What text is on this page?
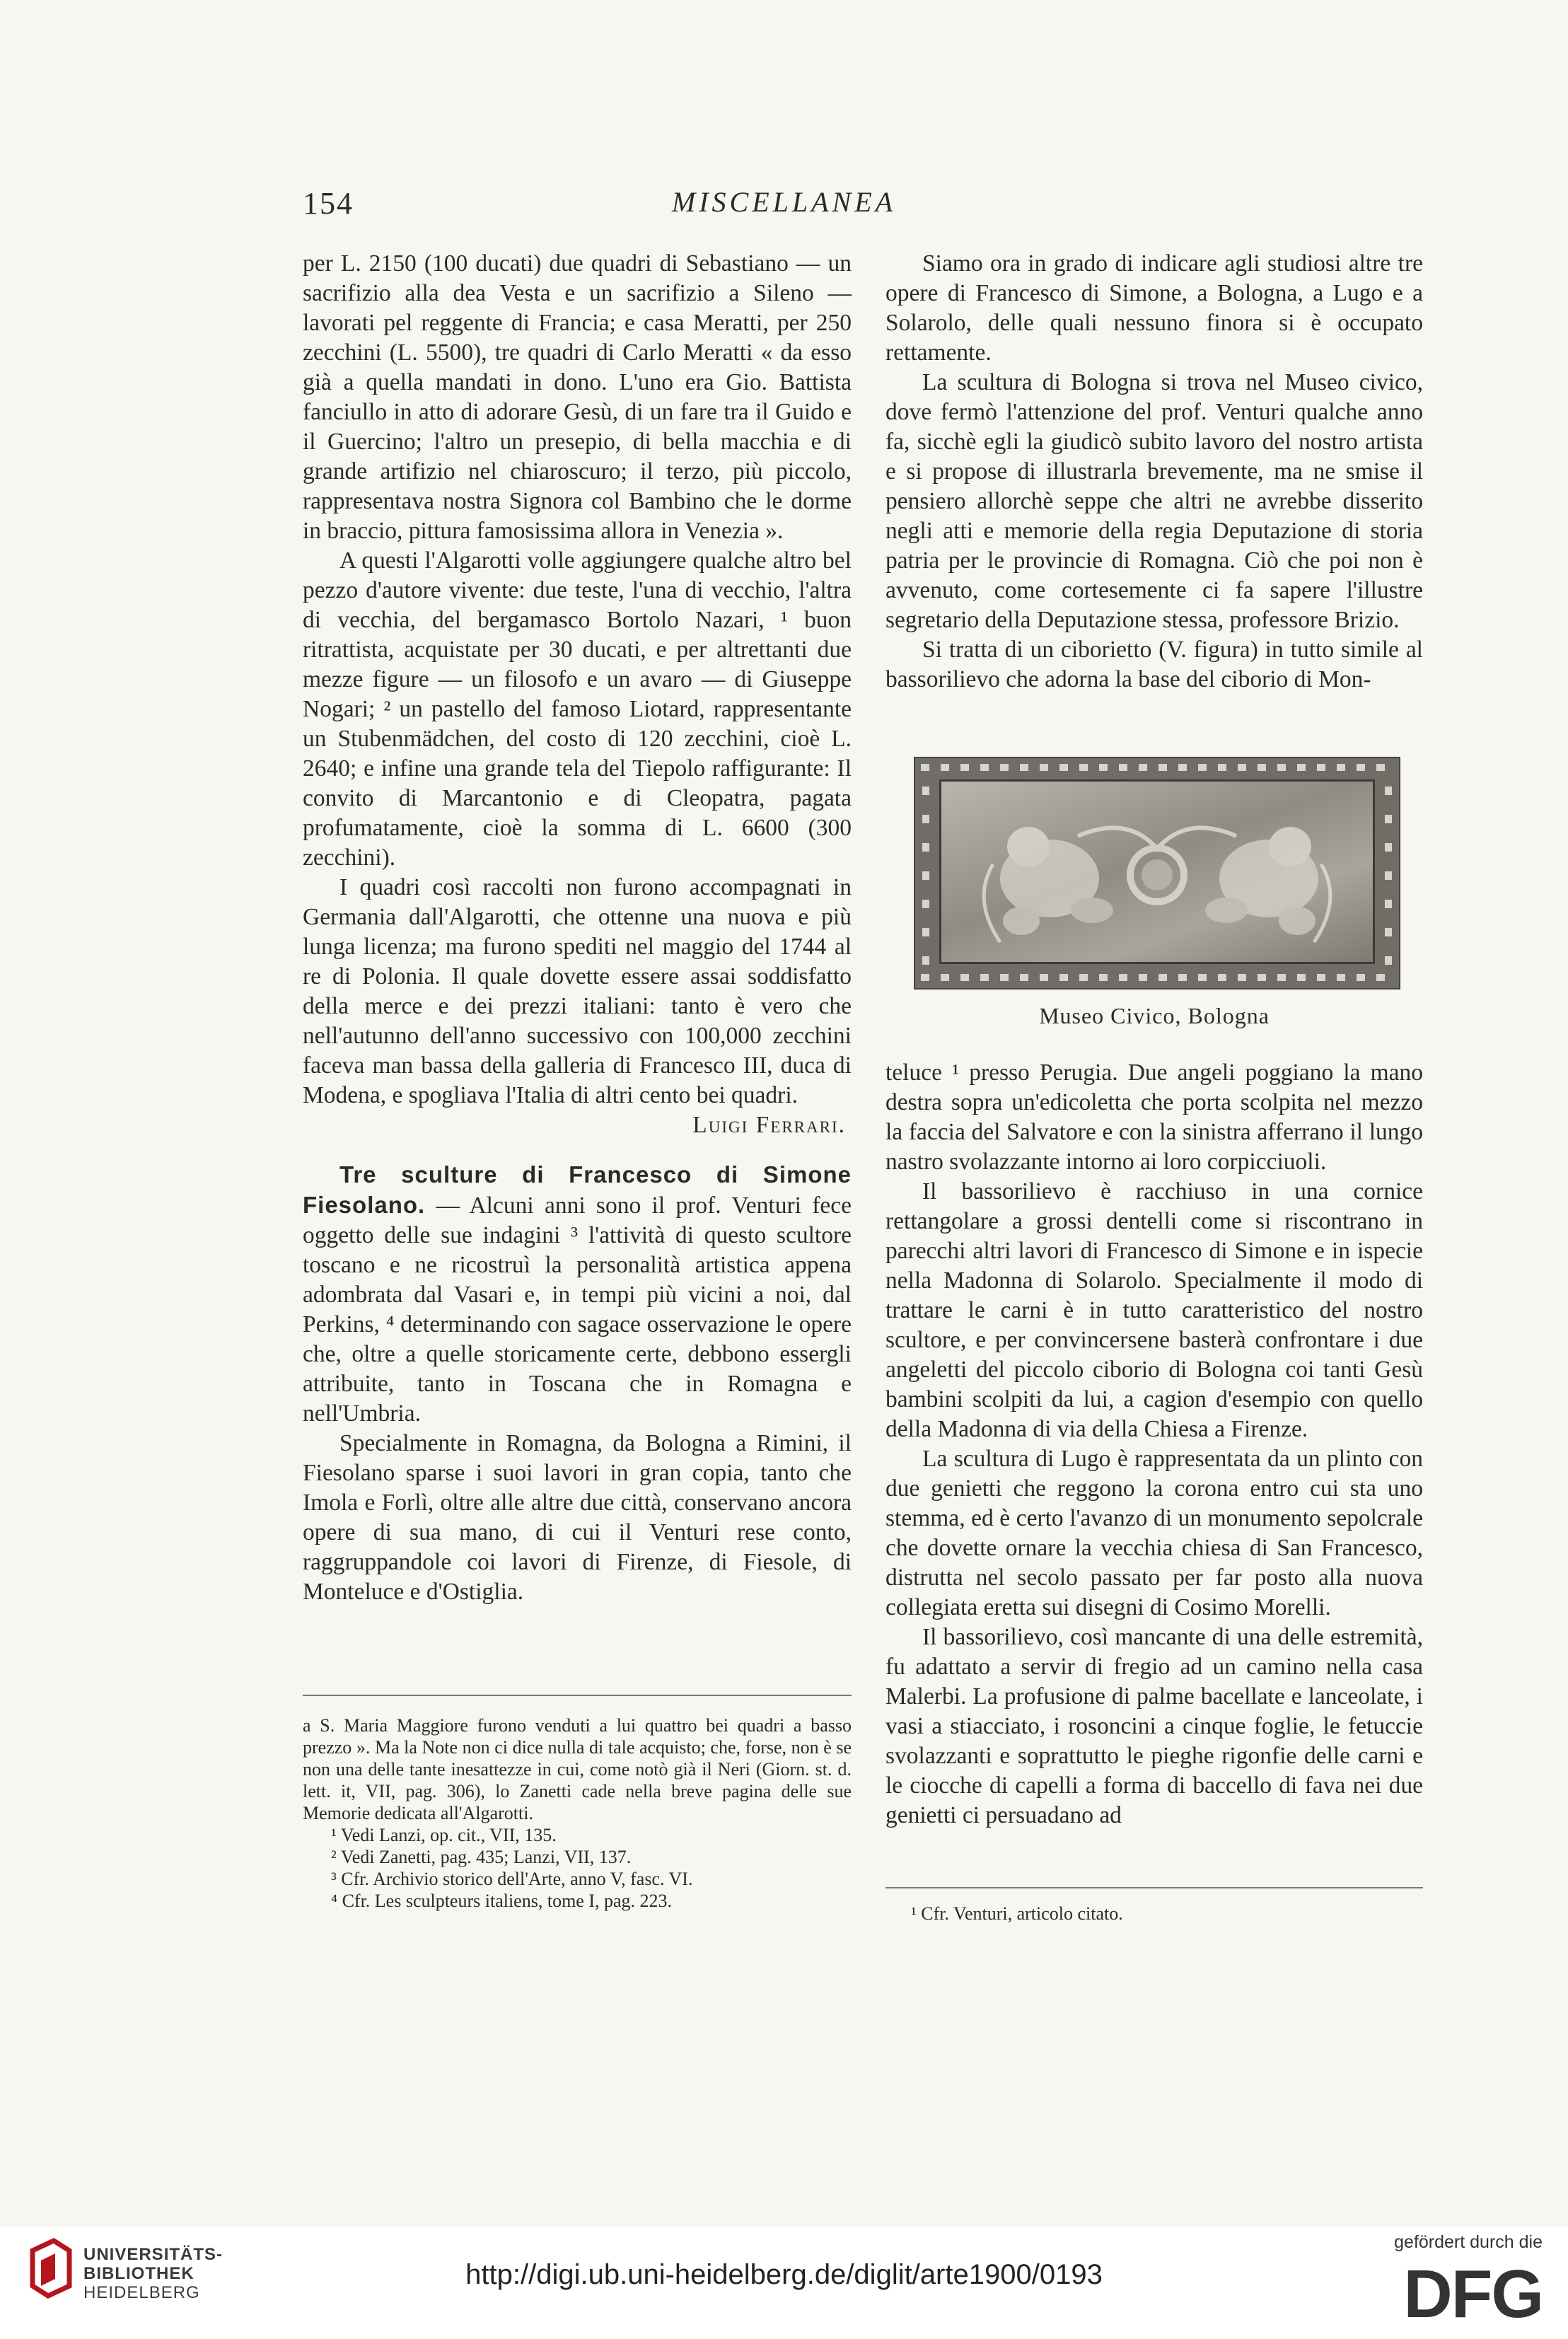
154	MISCELLANEA

per L. 2150 (100 ducati) due quadri di Sebastiano — un sacrifizio alla dea Vesta e un sacrifizio a Sileno — lavorati pel reggente di Francia; e casa Meratti, per 250 zecchini (L. 5500), tre quadri di Carlo Meratti « da esso già a quella mandati in dono. L'uno era Gio. Battista fanciullo in atto di adorare Gesù, di un fare tra il Guido e il Guercino; l'altro un presepio, di bella macchia e di grande artifizio nel chiaroscuro; il terzo, più piccolo, rappresentava nostra Signora col Bambino che le dorme in braccio, pittura famosissima allora in Venezia ».

A questi l'Algarotti volle aggiungere qualche altro bel pezzo d'autore vivente: due teste, l'una di vecchio, l'altra di vecchia, del bergamasco Bortolo Nazari, ¹ buon ritrattista, acquistate per 30 ducati, e per altrettanti due mezze figure — un filosofo e un avaro — di Giuseppe Nogari; ² un pastello del famoso Liotard, rappresentante un Stubenmädchen, del costo di 120 zecchini, cioè L. 2640; e infine una grande tela del Tiepolo raffigurante: Il convito di Marcantonio e di Cleopatra, pagata profumatamente, cioè la somma di L. 6600 (300 zecchini).

I quadri così raccolti non furono accompagnati in Germania dall'Algarotti, che ottenne una nuova e più lunga licenza; ma furono spediti nel maggio del 1744 al re di Polonia. Il quale dovette essere assai soddisfatto della merce e dei prezzi italiani: tanto è vero che nell'autunno dell'anno successivo con 100,000 zecchini faceva man bassa della galleria di Francesco III, duca di Modena, e spogliava l'Italia di altri cento bei quadri.

Luigi Ferrari.

Tre sculture di Francesco di Simone Fiesolano. — Alcuni anni sono il prof. Venturi fece oggetto delle sue indagini ³ l'attività di questo scultore toscano e ne ricostruì la personalità artistica appena adombrata dal Vasari e, in tempi più vicini a noi, dal Perkins, ⁴ determinando con sagace osservazione le opere che, oltre a quelle storicamente certe, debbono essergli attribuite, tanto in Toscana che in Romagna e nell'Umbria.

Specialmente in Romagna, da Bologna a Rimini, il Fiesolano sparse i suoi lavori in gran copia, tanto che Imola e Forlì, oltre alle altre due città, conservano ancora opere di sua mano, di cui il Venturi rese conto, raggruppandole coi lavori di Firenze, di Fiesole, di Monteluce e d'Ostiglia.

a S. Maria Maggiore furono venduti a lui quattro bei quadri a basso prezzo ». Ma la Note non ci dice nulla di tale acquisto; che, forse, non è se non una delle tante inesattezze in cui, come notò già il Neri (Giorn. st. d. lett. it, VII, pag. 306), lo Zanetti cade nella breve pagina delle sue Memorie dedicata all'Algarotti.

¹ Vedi Lanzi, op. cit., VII, 135.

² Vedi Zanetti, pag. 435; Lanzi, VII, 137.

³ Cfr. Archivio storico dell'Arte, anno V, fasc. VI.

⁴ Cfr. Les sculpteurs italiens, tome I, pag. 223.

Siamo ora in grado di indicare agli studiosi altre tre opere di Francesco di Simone, a Bologna, a Lugo e a Solarolo, delle quali nessuno finora si è occupato rettamente.

La scultura di Bologna si trova nel Museo civico, dove fermò l'attenzione del prof. Venturi qualche anno fa, sicchè egli la giudicò subito lavoro del nostro artista e si propose di illustrarla brevemente, ma ne smise il pensiero allorchè seppe che altri ne avrebbe disserito negli atti e memorie della regia Deputazione di storia patria per le provincie di Romagna. Ciò che poi non è avvenuto, come cortesemente ci fa sapere l'illustre segretario della Deputazione stessa, professore Brizio.

Si tratta di un ciborietto (V. figura) in tutto simile al bassorilievo che adorna la base del ciborio di Mon-

Museo Civico, Bologna

teluce ¹ presso Perugia. Due angeli poggiano la mano destra sopra un'edicoletta che porta scolpita nel mezzo la faccia del Salvatore e con la sinistra afferrano il lungo nastro svolazzante intorno ai loro corpicciuoli.

Il bassorilievo è racchiuso in una cornice rettangolare a grossi dentelli come si riscontrano in parecchi altri lavori di Francesco di Simone e in ispecie nella Madonna di Solarolo. Specialmente il modo di trattare le carni è in tutto caratteristico del nostro scultore, e per convincersene basterà confrontare i due angeletti del piccolo ciborio di Bologna coi tanti Gesù bambini scolpiti da lui, a cagion d'esempio con quello della Madonna di via della Chiesa a Firenze.

La scultura di Lugo è rappresentata da un plinto con due genietti che reggono la corona entro cui sta uno stemma, ed è certo l'avanzo di un monumento sepolcrale che dovette ornare la vecchia chiesa di San Francesco, distrutta nel secolo passato per far posto alla nuova collegiata eretta sui disegni di Cosimo Morelli.

Il bassorilievo, così mancante di una delle estremità, fu adattato a servir di fregio ad un camino nella casa Malerbi. La profusione di palme bacellate e lanceolate, i vasi a stiacciato, i rosoncini a cinque foglie, le fetuccie svolazzanti e soprattutto le pieghe rigonfie delle carni e le ciocche di capelli a forma di baccello di fava nei due genietti ci persuadano ad

¹ Cfr. Venturi, articolo citato.

UNIVERSITÄTS-
BIBLIOTHEK
HEIDELBERG
http://digi.ub.uni-heidelberg.de/diglit/arte1900/0193
gefördert durch die
DFG
